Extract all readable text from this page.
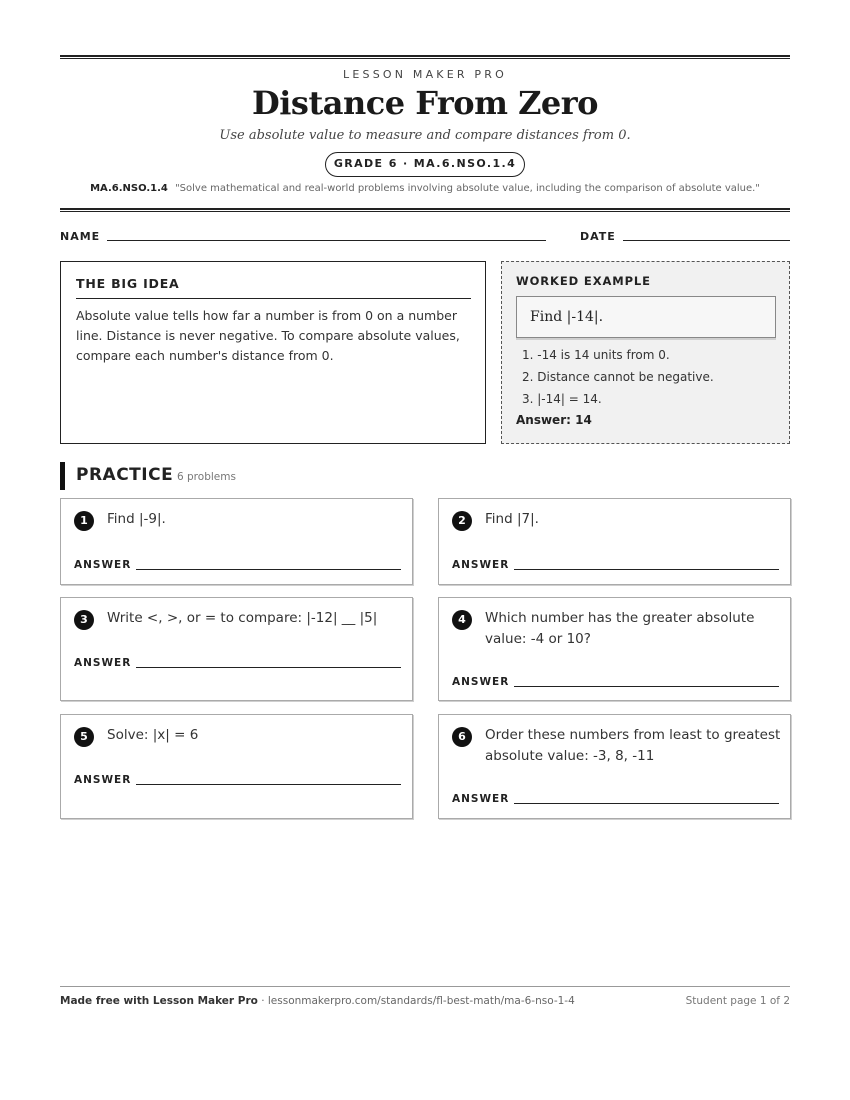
LESSON MAKER PRO
Distance From Zero
Use absolute value to measure and compare distances from 0.
GRADE 6 · MA.6.NSO.1.4
MA.6.NSO.1.4 "Solve mathematical and real-world problems involving absolute value, including the comparison of absolute value."
NAME	DATE
THE BIG IDEA
Absolute value tells how far a number is from 0 on a number line. Distance is never negative. To compare absolute values, compare each number's distance from 0.
WORKED EXAMPLE
Find |-14|.
1. -14 is 14 units from 0.
2. Distance cannot be negative.
3. |-14| = 14.
Answer: 14
PRACTICE 6 problems
1	Find |-9|.
ANSWER
2	Find |7|.
ANSWER
3	Write <, >, or = to compare: |-12| __ |5|
ANSWER
4	Which number has the greater absolute value: -4 or 10?
ANSWER
5	Solve: |x| = 6
ANSWER
6	Order these numbers from least to greatest absolute value: -3, 8, -11
ANSWER
Made free with Lesson Maker Pro · lessonmakerpro.com/standards/fl-best-math/ma-6-nso-1-4	Student page 1 of 2
